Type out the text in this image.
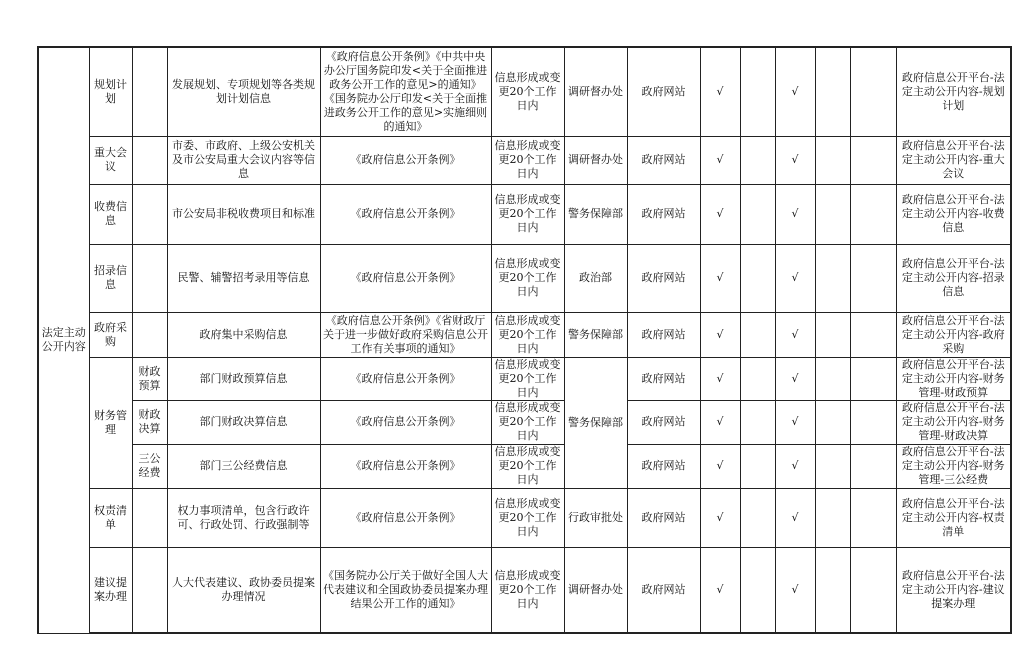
法定主动公开内容	规划计划		发展规划、专项规划等各类规划计划信息	《政府信息公开条例》《中共中央办公厅国务院印发<关于全面推进政务公开工作的意见>的通知》《国务院办公厅印发<关于全面推进政务公开工作的意见>实施细则的通知》	信息形成或变更20个工作日内	调研督办处	政府网站	√		√			政府信息公开平台-法定主动公开内容-规划计划
	重大会议		市委、市政府、上级公安机关及市公安局重大会议内容等信息	《政府信息公开条例》	信息形成或变更20个工作日内	调研督办处	政府网站	√		√			政府信息公开平台-法定主动公开内容-重大会议
	收费信息		市公安局非税收费项目和标准	《政府信息公开条例》	信息形成或变更20个工作日内	警务保障部	政府网站	√		√			政府信息公开平台-法定主动公开内容-收费信息
	招录信息		民警、辅警招考录用等信息	《政府信息公开条例》	信息形成或变更20个工作日内	政治部	政府网站	√		√			政府信息公开平台-法定主动公开内容-招录信息
	政府采购		政府集中采购信息	《政府信息公开条例》《省财政厅关于进一步做好政府采购信息公开工作有关事项的通知》	信息形成或变更20个工作日内	警务保障部	政府网站	√		√			政府信息公开平台-法定主动公开内容-政府采购
	财务管理	财政预算	部门财政预算信息	《政府信息公开条例》	信息形成或变更20个工作日内	警务保障部	政府网站	√		√			政府信息公开平台-法定主动公开内容-财务管理-财政预算
		财政决算	部门财政决算信息	《政府信息公开条例》	信息形成或变更20个工作日内		政府网站	√		√			政府信息公开平台-法定主动公开内容-财务管理-财政决算
		三公经费	部门三公经费信息	《政府信息公开条例》	信息形成或变更20个工作日内		政府网站	√		√			政府信息公开平台-法定主动公开内容-财务管理-三公经费
	权责清单		权力事项清单，包含行政许可、行政处罚、行政强制等	《政府信息公开条例》	信息形成或变更20个工作日内	行政审批处	政府网站	√		√			政府信息公开平台-法定主动公开内容-权责清单
	建议提案办理		人大代表建议、政协委员提案办理情况	《国务院办公厅关于做好全国人大代表建议和全国政协委员提案办理结果公开工作的通知》	信息形成或变更20个工作日内	调研督办处	政府网站	√		√			政府信息公开平台-法定主动公开内容-建议提案办理
